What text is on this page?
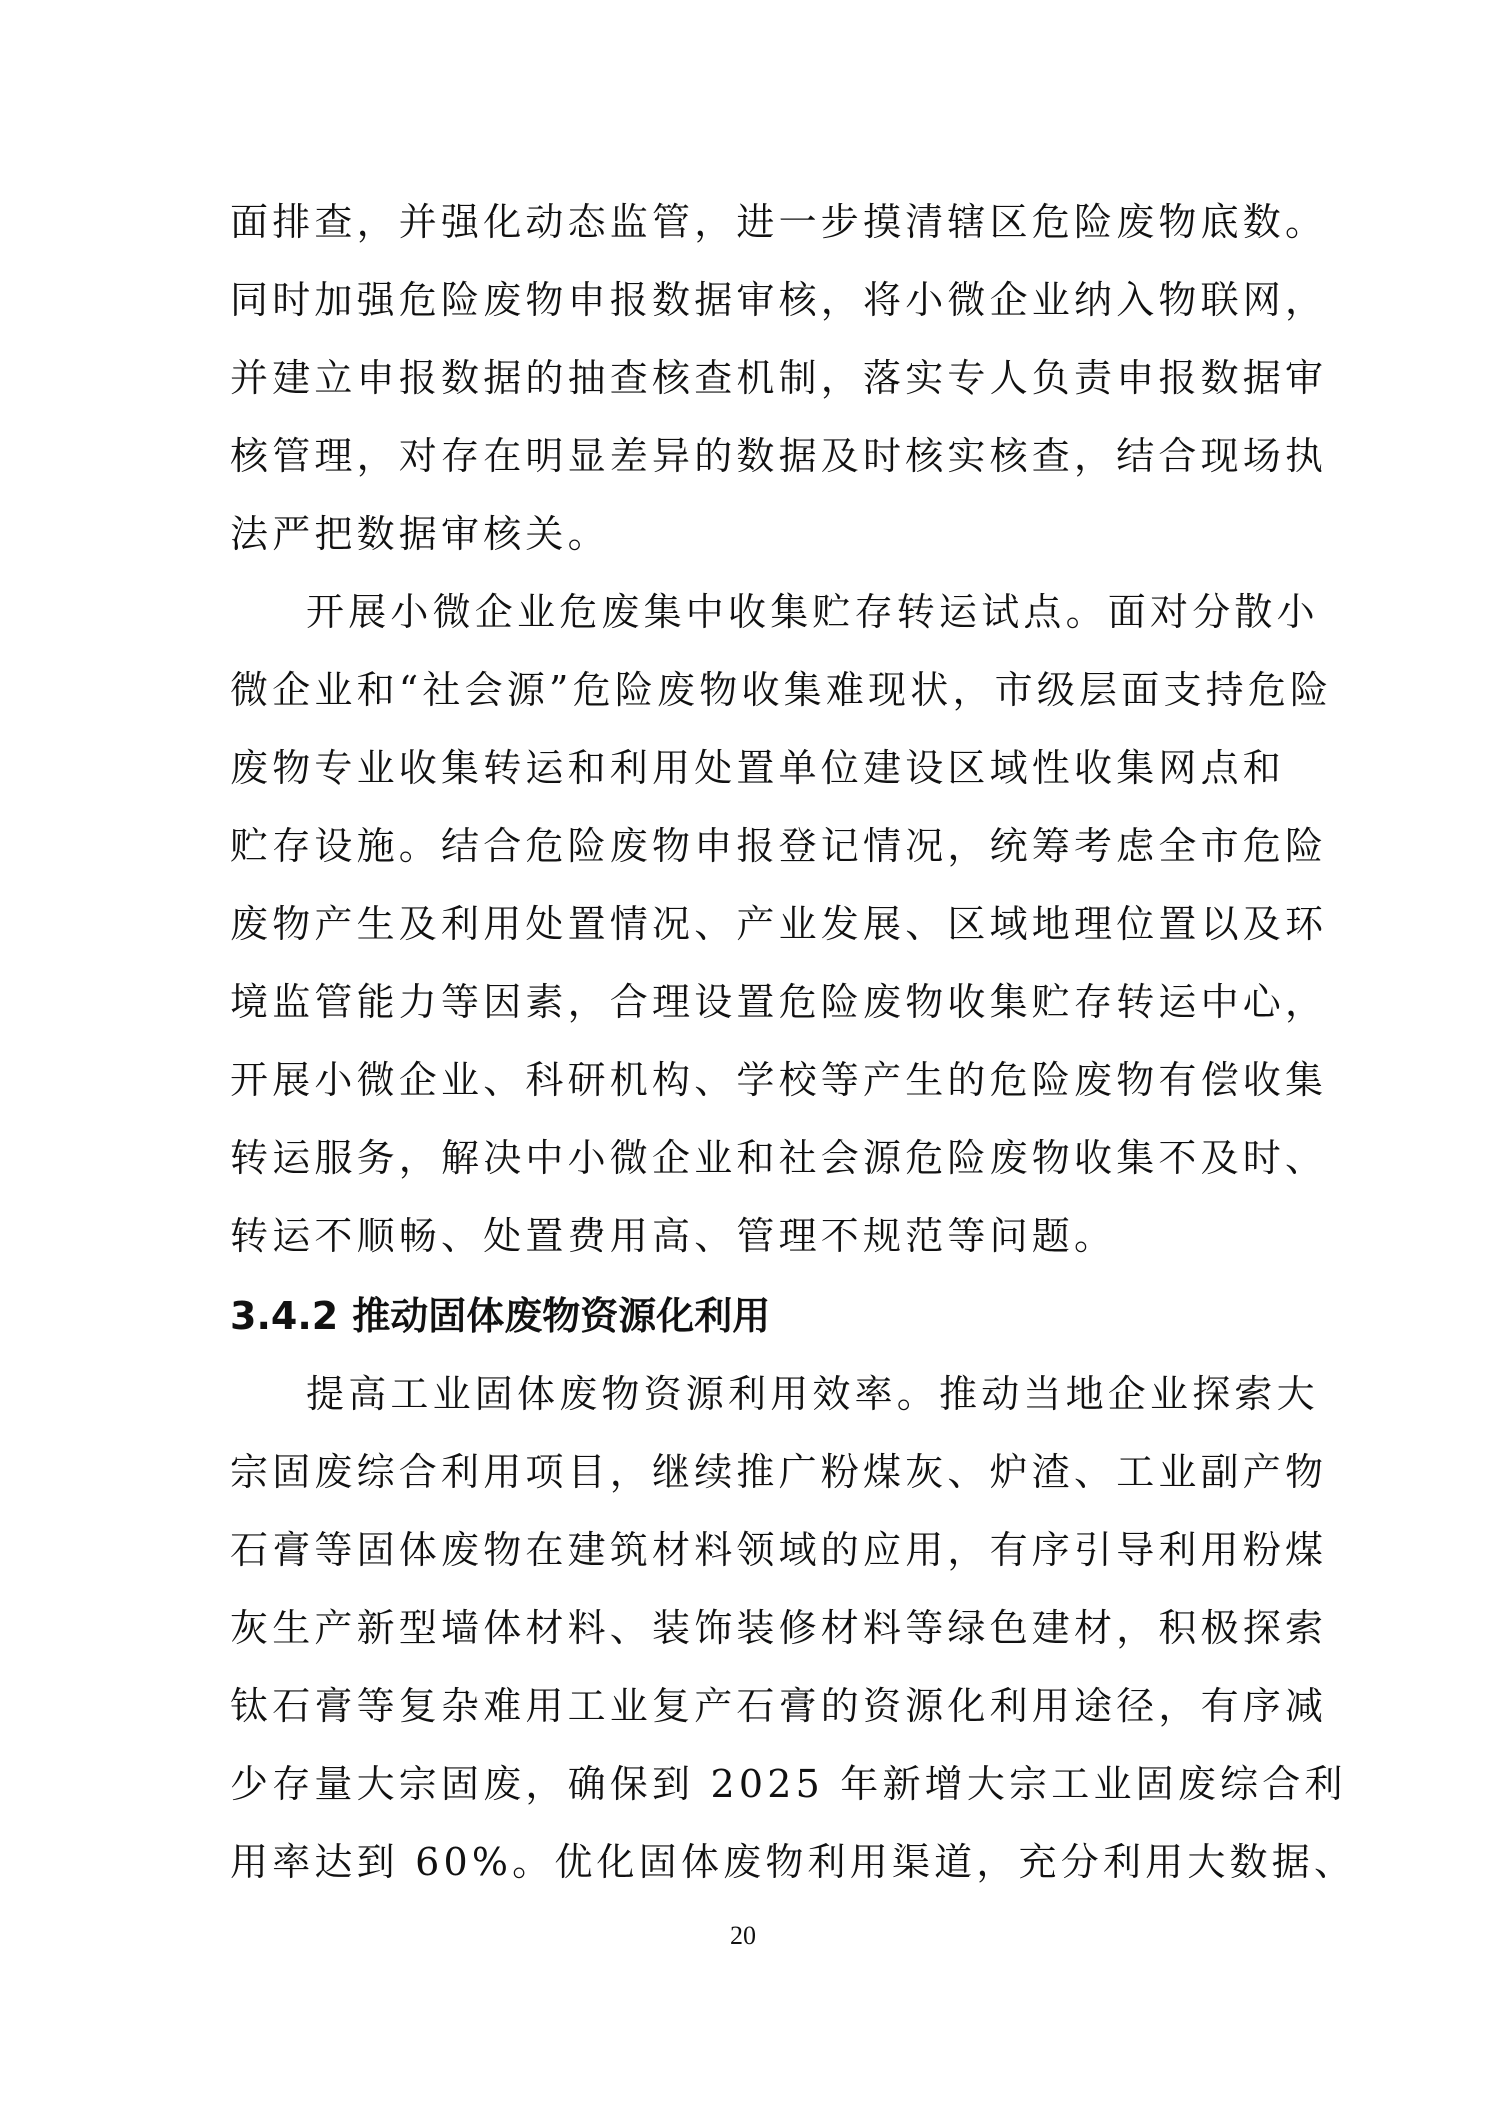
面排查，并强化动态监管，进一步摸清辖区危险废物底数。
同时加强危险废物申报数据审核，将小微企业纳入物联网，
并建立申报数据的抽查核查机制，落实专人负责申报数据审
核管理，对存在明显差异的数据及时核实核查，结合现场执
法严把数据审核关。
开展小微企业危废集中收集贮存转运试点。面对分散小
微企业和“社会源”危险废物收集难现状，市级层面支持危险
废物专业收集转运和利用处置单位建设区域性收集网点和
贮存设施。结合危险废物申报登记情况，统筹考虑全市危险
废物产生及利用处置情况、产业发展、区域地理位置以及环
境监管能力等因素，合理设置危险废物收集贮存转运中心，
开展小微企业、科研机构、学校等产生的危险废物有偿收集
转运服务，解决中小微企业和社会源危险废物收集不及时、
转运不顺畅、处置费用高、管理不规范等问题。
3.4.2 推动固体废物资源化利用
提高工业固体废物资源利用效率。推动当地企业探索大
宗固废综合利用项目，继续推广粉煤灰、炉渣、工业副产物
石膏等固体废物在建筑材料领域的应用，有序引导利用粉煤
灰生产新型墙体材料、装饰装修材料等绿色建材，积极探索
钛石膏等复杂难用工业复产石膏的资源化利用途径，有序减
少存量大宗固废，确保到 2025 年新增大宗工业固废综合利
用率达到 60%。优化固体废物利用渠道，充分利用大数据、
20
